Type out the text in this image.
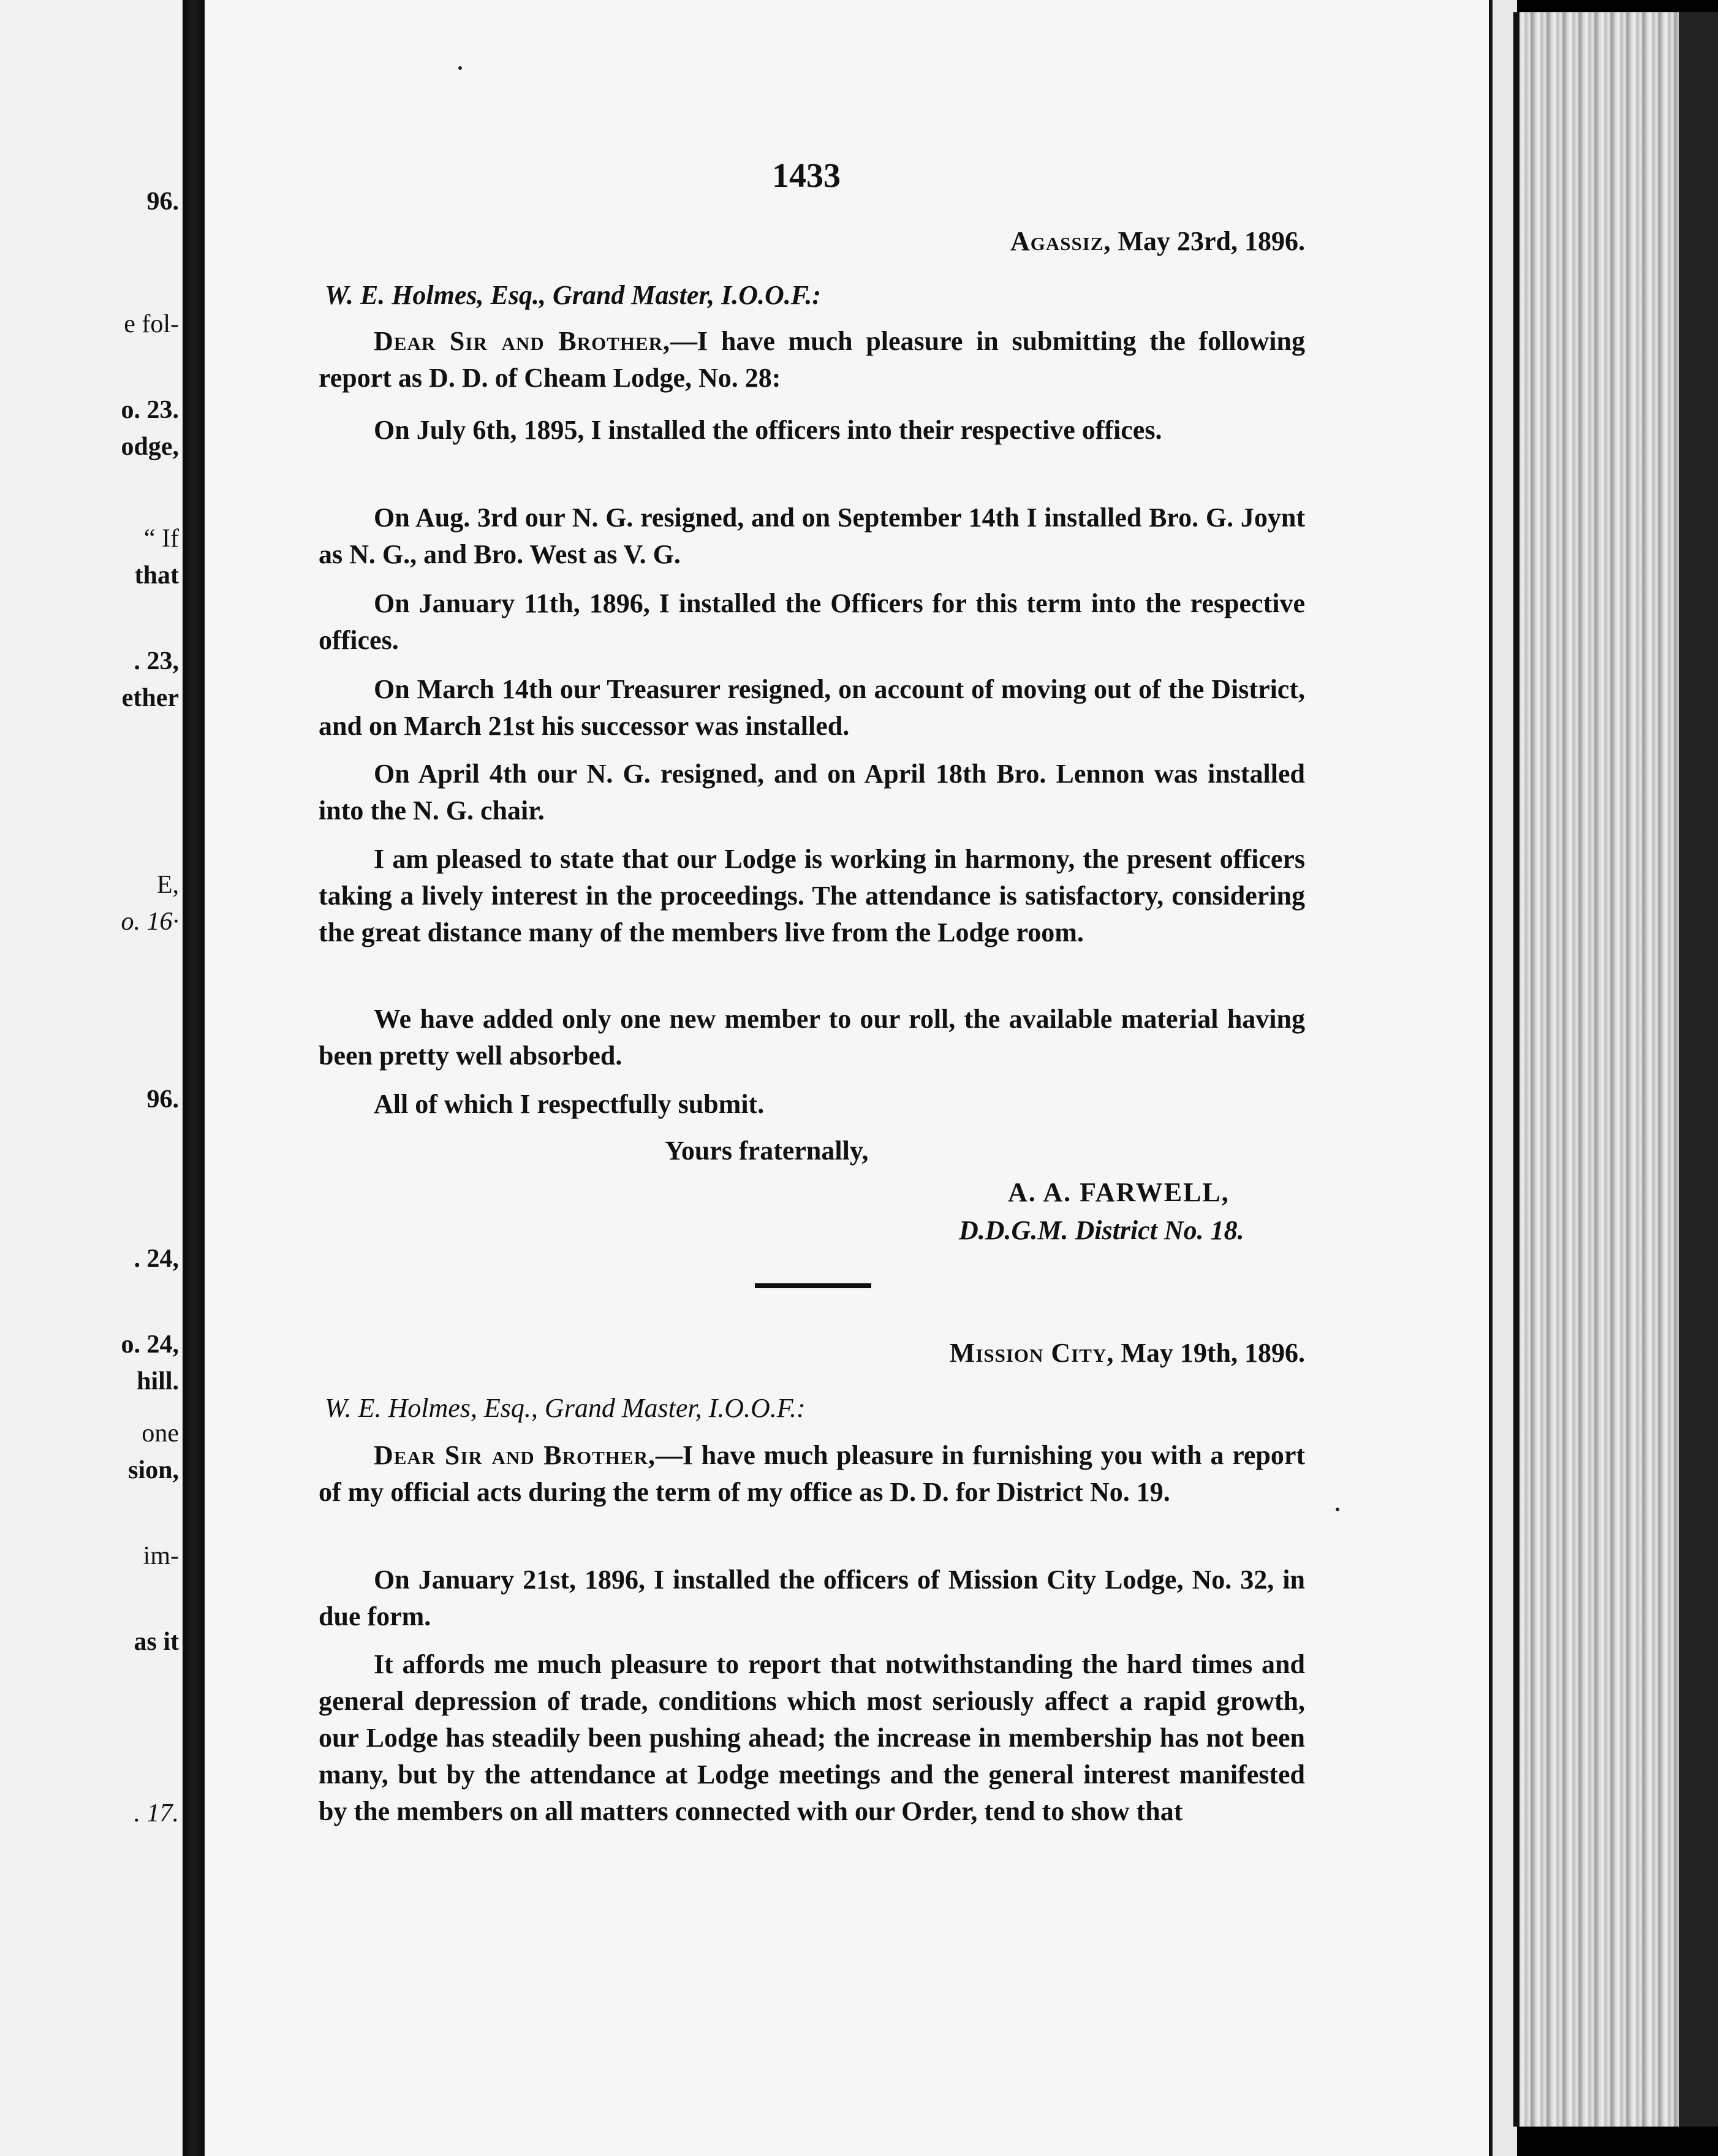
96.
e fol-
o. 23.
odge,
“ If
that
. 23,
ether
E,
o. 16·
96.
. 24,
o. 24,
hill.
one
sion,
im-
as it
. 17.
1433
Agassiz, May 23rd, 1896.
W. E. Holmes, Esq., Grand Master, I.O.O.F.:
Dear Sir and Brother,—I have much pleasure in submitting the following report as D. D. of Cheam Lodge, No. 28:
On July 6th, 1895, I installed the officers into their respective offices.
On Aug. 3rd our N. G. resigned, and on September 14th I installed Bro. G. Joynt as N. G., and Bro. West as V. G.
On January 11th, 1896, I installed the Officers for this term into the respective offices.
On March 14th our Treasurer resigned, on account of moving out of the District, and on March 21st his successor was installed.
On April 4th our N. G. resigned, and on April 18th Bro. Lennon was installed into the N. G. chair.
I am pleased to state that our Lodge is working in harmony, the present officers taking a lively interest in the proceedings. The attendance is satisfactory, considering the great distance many of the members live from the Lodge room.
We have added only one new member to our roll, the available material having been pretty well absorbed.
All of which I respectfully submit.
Yours fraternally,
A. A. FARWELL,
D.D.G.M. District No. 18.
Mission City, May 19th, 1896.
W. E. Holmes, Esq., Grand Master, I.O.O.F.:
Dear Sir and Brother,—I have much pleasure in furnishing you with a report of my official acts during the term of my office as D. D. for District No. 19.
On January 21st, 1896, I installed the officers of Mission City Lodge, No. 32, in due form.
It affords me much pleasure to report that notwithstanding the hard times and general depression of trade, conditions which most seriously affect a rapid growth, our Lodge has steadily been pushing ahead; the increase in membership has not been many, but by the attendance at Lodge meetings and the general interest manifested by the members on all matters connected with our Order, tend to show that
